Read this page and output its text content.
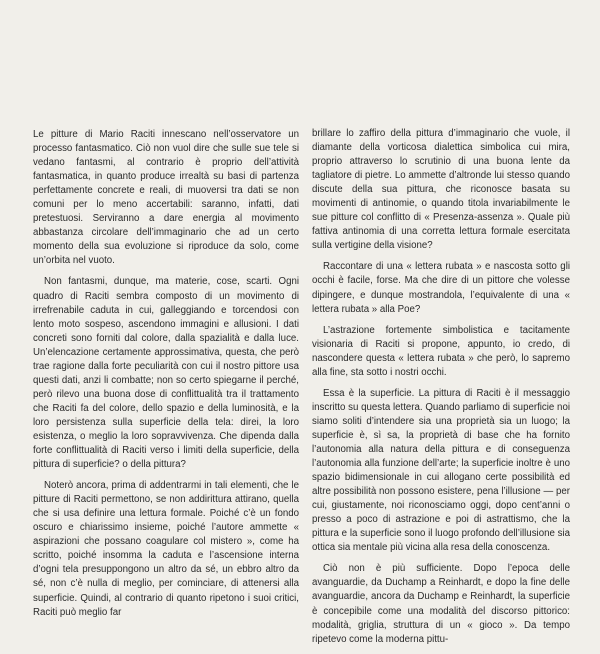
Le pitture di Mario Raciti innescano nell’osservatore un processo fantasmatico. Ciò non vuol dire che sulle sue tele si vedano fantasmi, al contrario è proprio dell’attività fantasmatica, in quanto produce irrealtà su basi di partenza perfettamente concrete e reali, di muoversi tra dati se non comuni per lo meno accertabili: saranno, infatti, dati pretestuosi. Serviranno a dare energia al movimento abbastanza circolare dell’immaginario che ad un certo momento della sua evoluzione si riproduce da solo, come un’orbita nel vuoto.

Non fantasmi, dunque, ma materie, cose, scarti. Ogni quadro di Raciti sembra composto di un movimento di irrefrenabile caduta in cui, galleggiando e torcendosi con lento moto sospeso, ascendono immagini e allusioni. I dati concreti sono forniti dal colore, dalla spazialità e dalla luce. Un’elencazione certamente approssimativa, questa, che però trae ragione dalla forte peculiarità con cui il nostro pittore usa questi dati, anzi li combatte; non so certo spiegarne il perché, però rilevo una buona dose di conflittualità tra il trattamento che Raciti fa del colore, dello spazio e della luminosità, e la loro persistenza sulla superficie della tela: direi, la loro esistenza, o meglio la loro sopravvivenza. Che dipenda dalla forte conflittualità di Raciti verso i limiti della superficie, della pittura di superficie? o della pittura?

Noterò ancora, prima di addentrarmi in tali elementi, che le pitture di Raciti permettono, se non addirittura attirano, quella che si usa definire una lettura formale. Poiché c’è un fondo oscuro e chiarissimo insieme, poiché l’autore ammette « aspirazioni che possano coagulare col mistero », come ha scritto, poiché insomma la caduta e l’ascensione interna d’ogni tela presuppongono un altro da sé, un ebbro altro da sé, non c’è nulla di meglio, per cominciare, di attenersi alla superficie. Quindi, al contrario di quanto ripetono i suoi critici, Raciti può meglio far

brillare lo zaffiro della pittura d’immaginario che vuole, il diamante della vorticosa dialettica simbolica cui mira, proprio attraverso lo scrutinio di una buona lente da tagliatore di pietre. Lo ammette d’altronde lui stesso quando discute della sua pittura, che riconosce basata su movimenti di antinomie, o quando titola invariabilmente le sue pitture col conflitto di « Presenza-assenza ». Quale più fattiva antinomia di una corretta lettura formale esercitata sulla vertigine della visione?

Raccontare di una « lettera rubata » e nascosta sotto gli occhi è facile, forse. Ma che dire di un pittore che volesse dipingere, e dunque mostrandola, l’equivalente di una « lettera rubata » alla Poe?

L’astrazione fortemente simbolistica e tacitamente visionaria di Raciti si propone, appunto, io credo, di nascondere questa « lettera rubata » che però, lo sapremo alla fine, sta sotto i nostri occhi.

Essa è la superficie. La pittura di Raciti è il messaggio inscritto su questa lettera. Quando parliamo di superficie noi siamo soliti d’intendere sia una proprietà sia un luogo; la superficie è, sì sa, la proprietà di base che ha fornito l’autonomia alla natura della pittura e di conseguenza l’autonomia alla funzione dell’arte; la superficie inoltre è uno spazio bidimensionale in cui allogano certe possibilità ed altre possibilità non possono esistere, pena l’illusione — per cui, giustamente, noi riconosciamo oggi, dopo cent’anni o presso a poco di astrazione e poi di astrattismo, che la pittura e la superficie sono il luogo profondo dell’illusione sia ottica sia mentale più vicina alla resa della conoscenza.

Ciò non è più sufficiente. Dopo l’epoca delle avanguardie, da Duchamp a Reinhardt, e dopo la fine delle avanguardie, ancora da Duchamp e Reinhardt, la superficie è concepibile come una modalità del discorso pittorico: modalità, griglia, struttura di un « gioco ». Da tempo ripetevo come la moderna pittu-
